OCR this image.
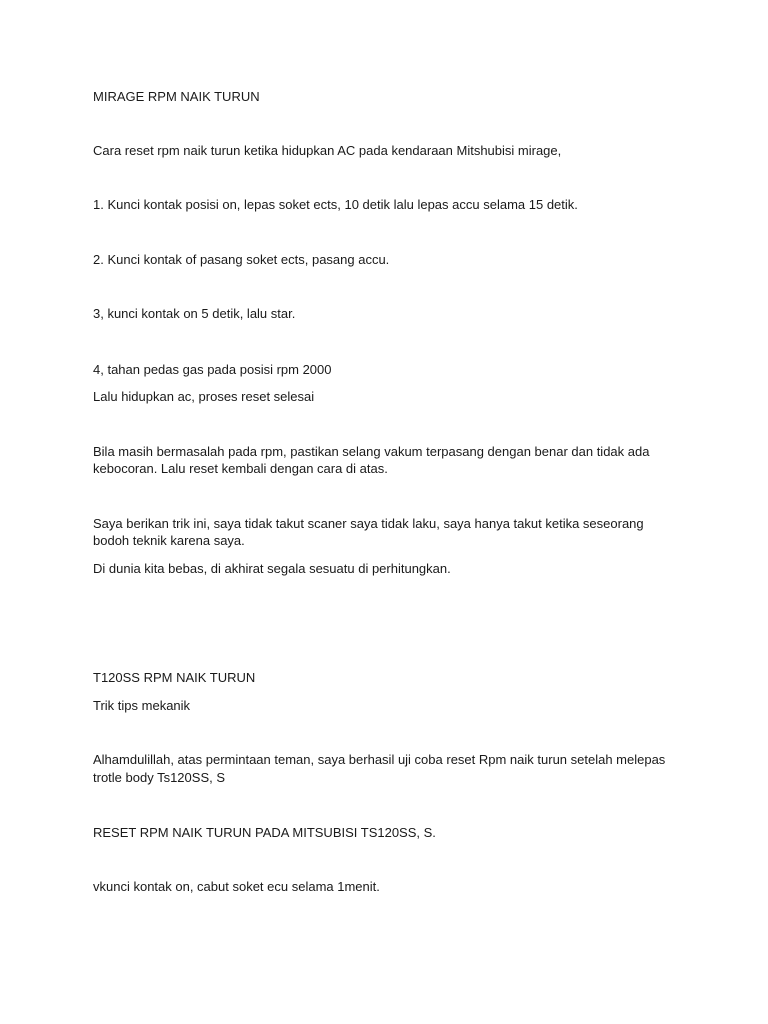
MIRAGE RPM NAIK TURUN

Cara reset rpm naik turun ketika hidupkan AC pada kendaraan Mitshubisi mirage,

1. Kunci kontak posisi on, lepas soket ects, 10 detik lalu lepas accu selama 15 detik.

2. Kunci kontak of pasang soket ects, pasang accu.

3, kunci kontak on 5 detik, lalu star.

4, tahan pedas gas pada posisi rpm 2000

Lalu hidupkan ac, proses reset selesai

Bila masih bermasalah pada rpm, pastikan selang vakum terpasang dengan benar dan tidak ada

kebocoran. Lalu reset kembali dengan cara di atas.

Saya berikan trik ini, saya tidak takut scaner saya tidak laku, saya hanya takut ketika seseorang

bodoh teknik karena saya.

Di dunia kita bebas, di akhirat segala sesuatu di perhitungkan.

T120SS RPM NAIK TURUN

Trik tips mekanik

Alhamdulillah, atas permintaan teman, saya berhasil uji coba reset Rpm naik turun setelah melepas

trotle body Ts120SS, S

RESET RPM NAIK TURUN PADA MITSUBISI TS120SS, S.

vkunci kontak on, cabut soket ecu selama 1menit.
